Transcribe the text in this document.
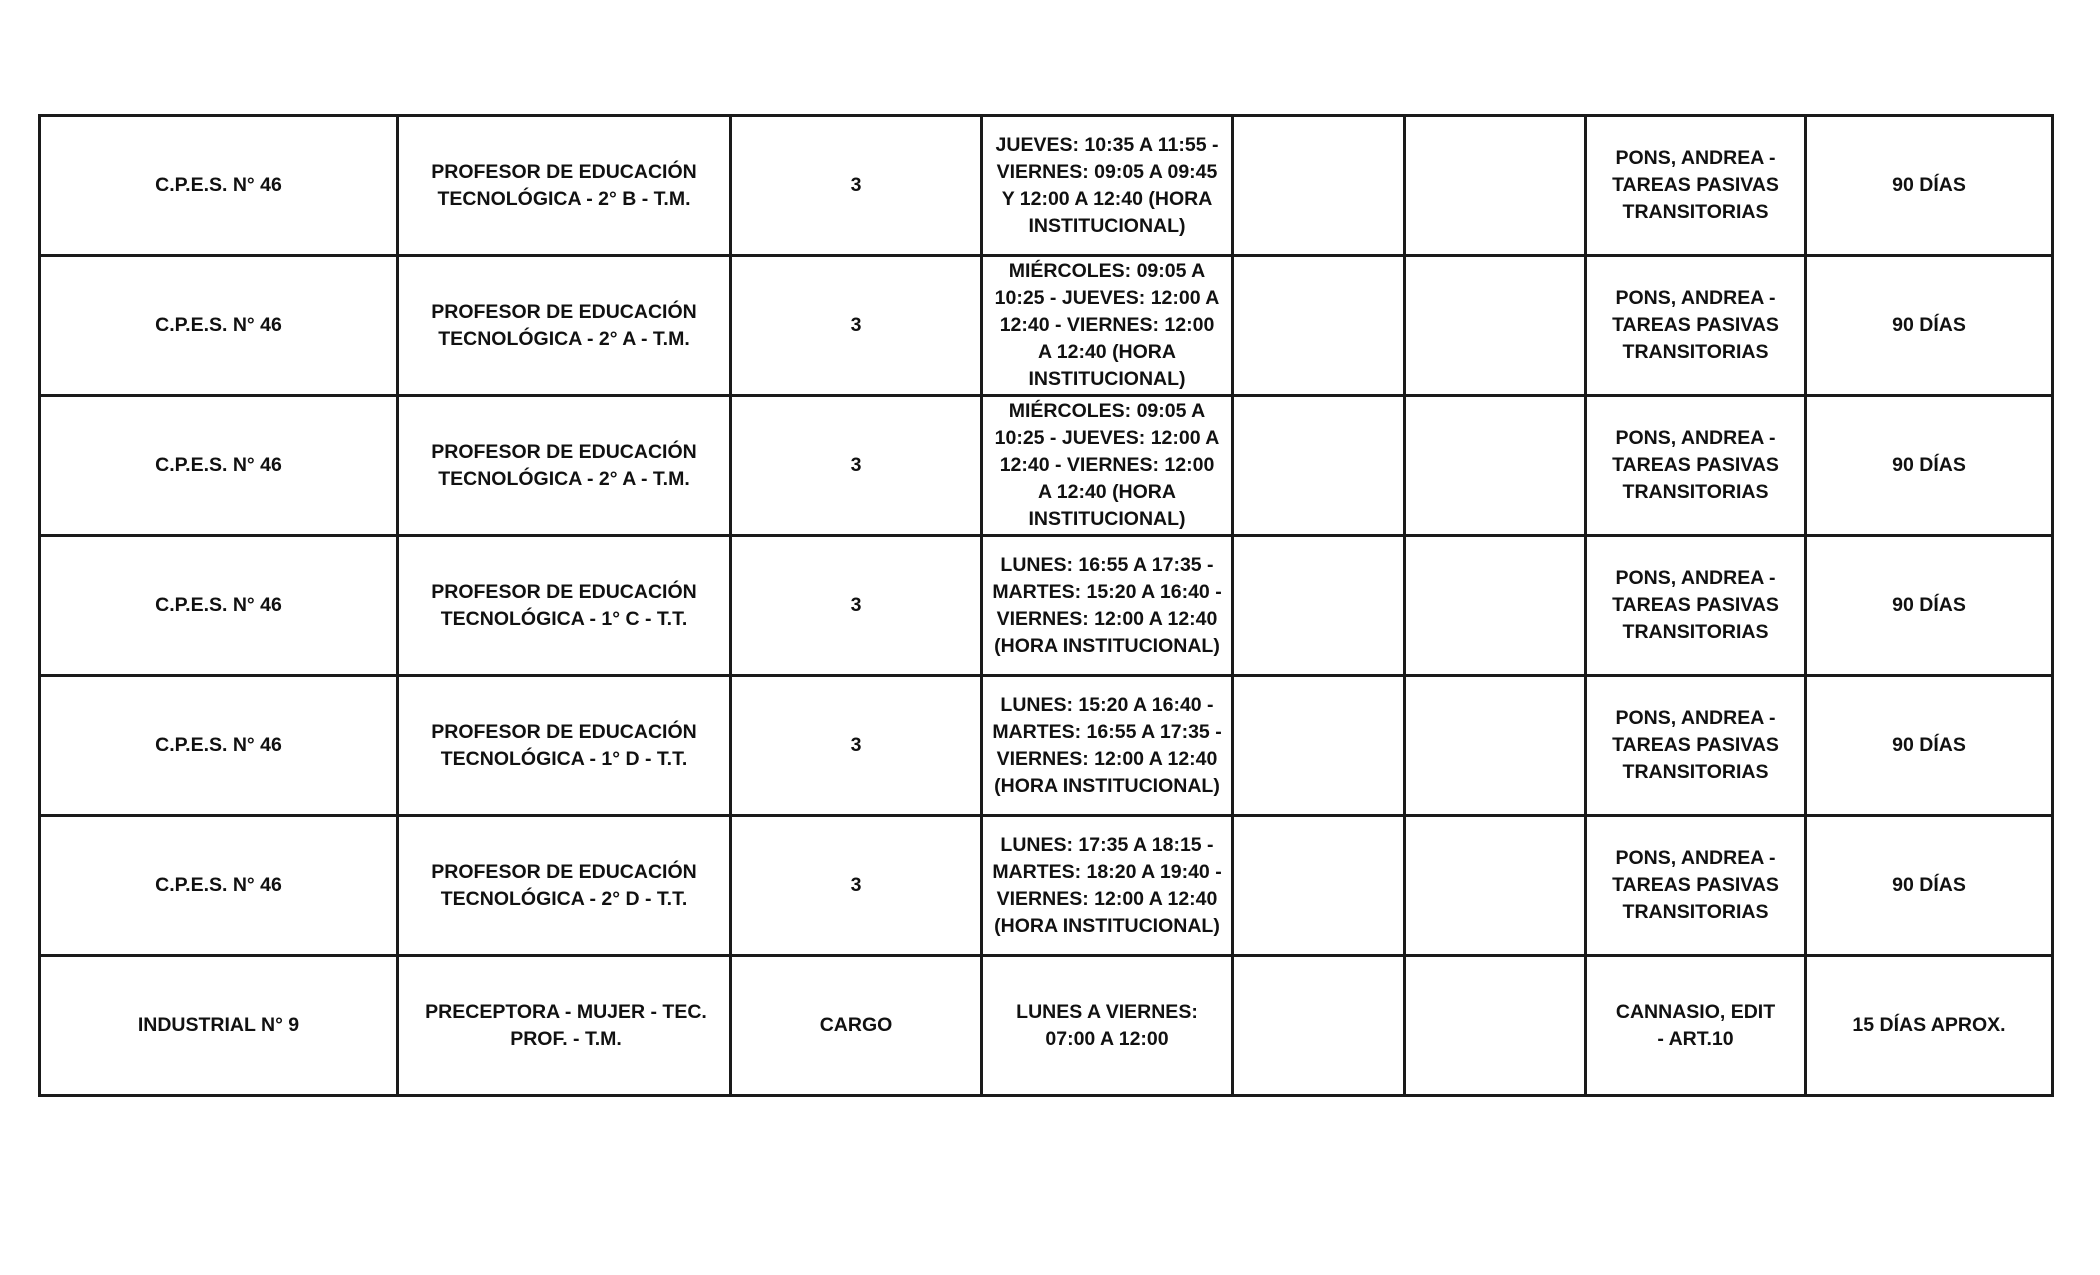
C.P.E.S. N° 46	PROFESOR DE EDUCACIÓN TECNOLÓGICA - 2° B - T.M.	3	JUEVES: 10:35 A 11:55 - VIERNES: 09:05 A 09:45 Y 12:00 A 12:40 (HORA INSTITUCIONAL)			PONS, ANDREA - TAREAS PASIVAS TRANSITORIAS	90 DÍAS
C.P.E.S. N° 46	PROFESOR DE EDUCACIÓN TECNOLÓGICA - 2° A - T.M.	3	MIÉRCOLES: 09:05 A 10:25 - JUEVES: 12:00 A 12:40 - VIERNES: 12:00 A 12:40 (HORA INSTITUCIONAL)			PONS, ANDREA - TAREAS PASIVAS TRANSITORIAS	90 DÍAS
C.P.E.S. N° 46	PROFESOR DE EDUCACIÓN TECNOLÓGICA - 2° A - T.M.	3	MIÉRCOLES: 09:05 A 10:25 - JUEVES: 12:00 A 12:40 - VIERNES: 12:00 A 12:40 (HORA INSTITUCIONAL)			PONS, ANDREA - TAREAS PASIVAS TRANSITORIAS	90 DÍAS
C.P.E.S. N° 46	PROFESOR DE EDUCACIÓN TECNOLÓGICA - 1° C - T.T.	3	LUNES: 16:55 A 17:35 - MARTES: 15:20 A 16:40 - VIERNES: 12:00 A 12:40 (HORA INSTITUCIONAL)			PONS, ANDREA - TAREAS PASIVAS TRANSITORIAS	90 DÍAS
C.P.E.S. N° 46	PROFESOR DE EDUCACIÓN TECNOLÓGICA - 1° D - T.T.	3	LUNES: 15:20 A 16:40 - MARTES: 16:55 A 17:35 - VIERNES: 12:00 A 12:40 (HORA INSTITUCIONAL)			PONS, ANDREA - TAREAS PASIVAS TRANSITORIAS	90 DÍAS
C.P.E.S. N° 46	PROFESOR DE EDUCACIÓN TECNOLÓGICA - 2° D - T.T.	3	LUNES: 17:35 A 18:15 - MARTES: 18:20 A 19:40 - VIERNES: 12:00 A 12:40 (HORA INSTITUCIONAL)			PONS, ANDREA - TAREAS PASIVAS TRANSITORIAS	90 DÍAS
INDUSTRIAL N° 9	PRECEPTORA - MUJER - TEC. PROF. - T.M.	CARGO	LUNES A VIERNES: 07:00 A 12:00			CANNASIO, EDIT - ART.10	15 DÍAS APROX.
